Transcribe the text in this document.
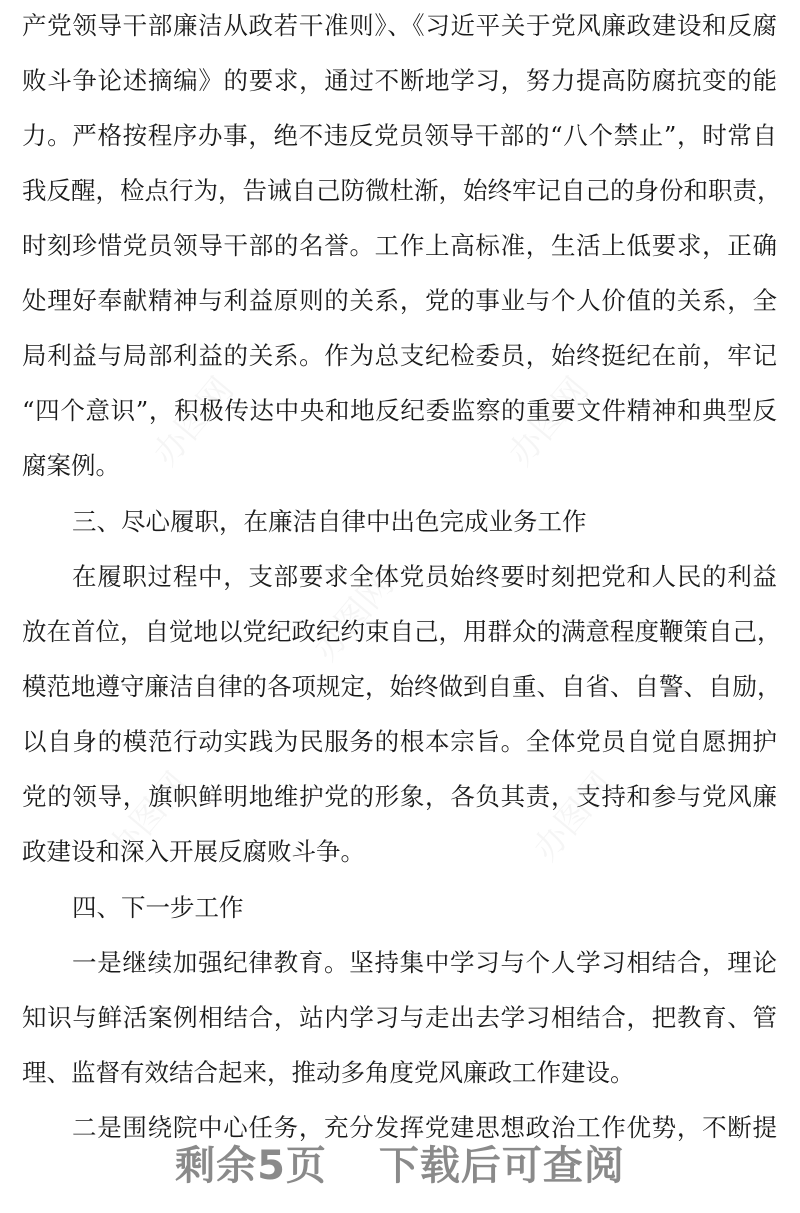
办图网	办图网
办图网
办图网	办图网
产党领导干部廉洁从政若干准则》、《习近平关于党风廉政建设和反腐
败斗争论述摘编》的要求，通过不断地学习，努力提高防腐抗变的能
力。严格按程序办事，绝不违反党员领导干部的“八个禁止”，时常自
我反醒，检点行为，告诫自己防微杜渐，始终牢记自己的身份和职责，
时刻珍惜党员领导干部的名誉。工作上高标准，生活上低要求，正确
处理好奉献精神与利益原则的关系，党的事业与个人价值的关系，全
局利益与局部利益的关系。作为总支纪检委员，始终挺纪在前，牢记
“四个意识”，积极传达中央和地反纪委监察的重要文件精神和典型反
腐案例。
三、尽心履职，在廉洁自律中出色完成业务工作
在履职过程中，支部要求全体党员始终要时刻把党和人民的利益
放在首位，自觉地以党纪政纪约束自己，用群众的满意程度鞭策自己，
模范地遵守廉洁自律的各项规定，始终做到自重、自省、自警、自励，
以自身的模范行动实践为民服务的根本宗旨。全体党员自觉自愿拥护
党的领导，旗帜鲜明地维护党的形象，各负其责，支持和参与党风廉
政建设和深入开展反腐败斗争。
四、下一步工作
一是继续加强纪律教育。坚持集中学习与个人学习相结合，理论
知识与鲜活案例相结合，站内学习与走出去学习相结合，把教育、管
理、监督有效结合起来，推动多角度党风廉政工作建设。
二是围绕院中心任务，充分发挥党建思想政治工作优势，不断提
剩余5页 下载后可查阅
